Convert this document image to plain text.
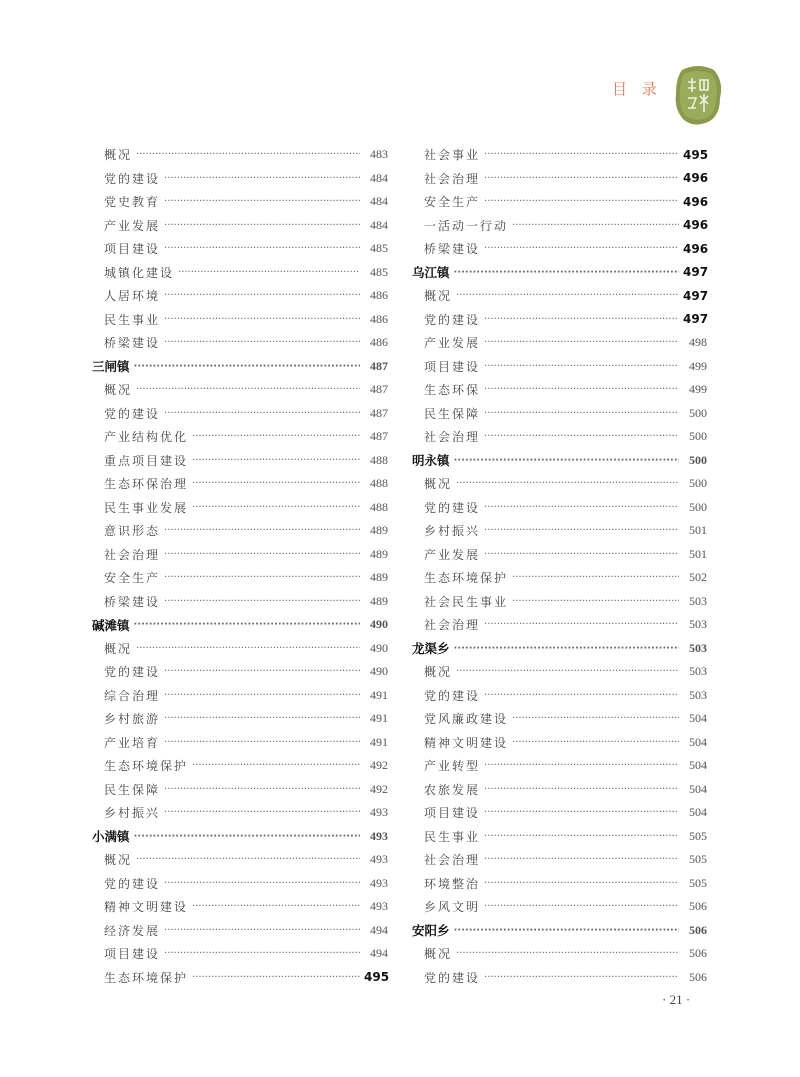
目 录
概况 ·····	483
党的建设 ·····	484
党史教育 ·····	484
产业发展 ·····	484
项目建设 ·····	485
城镇化建设 ·····	485
人居环境 ·····	486
民生事业 ·····	486
桥梁建设 ·····	486
三闸镇 ·····	487
概况 ·····	487
党的建设 ·····	487
产业结构优化 ·····	487
重点项目建设 ·····	488
生态环保治理 ·····	488
民生事业发展 ·····	488
意识形态 ·····	489
社会治理 ·····	489
安全生产 ·····	489
桥梁建设 ·····	489
碱滩镇 ·····	490
概况 ·····	490
党的建设 ·····	490
综合治理 ·····	491
乡村旅游 ·····	491
产业培育 ·····	491
生态环境保护 ·····	492
民生保障 ·····	492
乡村振兴 ·····	493
小满镇 ·····	493
概况 ·····	493
党的建设 ·····	493
精神文明建设 ·····	493
经济发展 ·····	494
项目建设 ·····	494
生态环境保护 ·····	495
社会事业 ·····	495
社会治理 ·····	496
安全生产 ·····	496
一活动一行动 ·····	496
桥梁建设 ·····	496
乌江镇 ·····	497
概况 ·····	497
党的建设 ·····	497
产业发展 ·····	498
项目建设 ·····	499
生态环保 ·····	499
民生保障 ·····	500
社会治理 ·····	500
明永镇 ·····	500
概况 ·····	500
党的建设 ·····	500
乡村振兴 ·····	501
产业发展 ·····	501
生态环境保护 ·····	502
社会民生事业 ·····	503
社会治理 ·····	503
龙渠乡 ·····	503
概况 ·····	503
党的建设 ·····	503
党风廉政建设 ·····	504
精神文明建设 ·····	504
产业转型 ·····	504
农旅发展 ·····	504
项目建设 ·····	504
民生事业 ·····	505
社会治理 ·····	505
环境整治 ·····	505
乡风文明 ·····	506
安阳乡 ·····	506
概况 ·····	506
党的建设 ·····	506
· 21 ·
